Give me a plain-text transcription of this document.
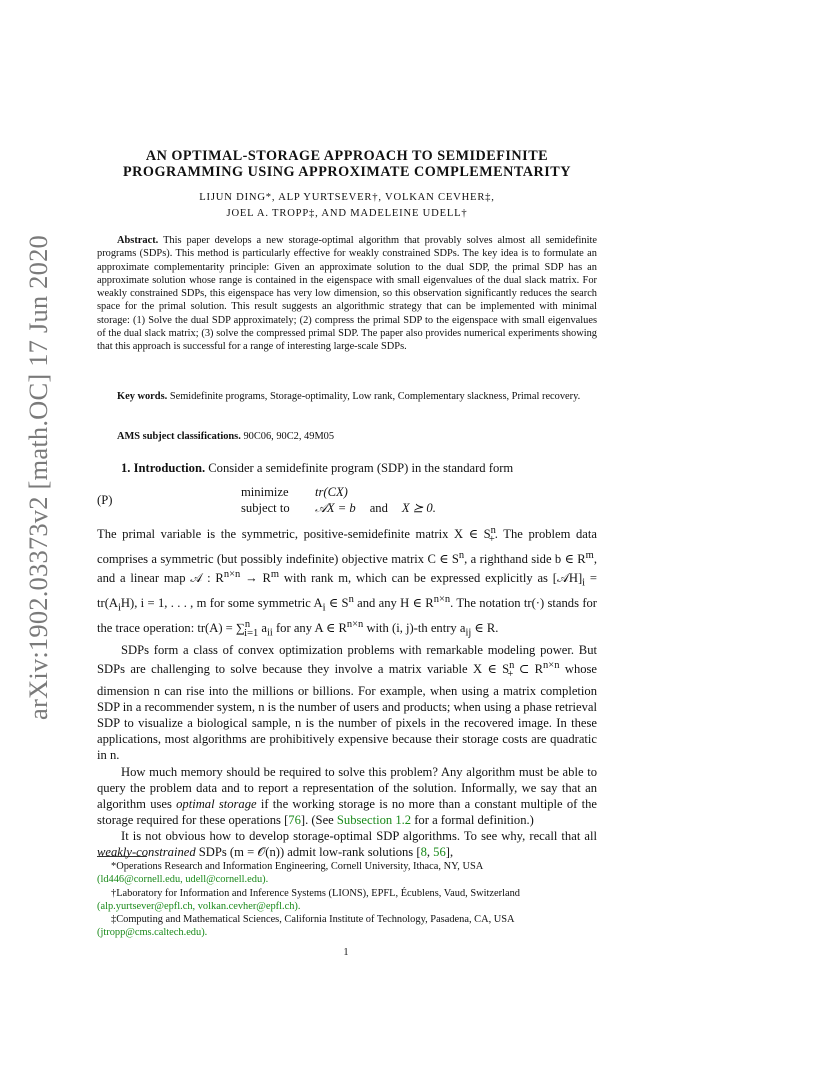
arXiv:1902.03373v2 [math.OC] 17 Jun 2020
AN OPTIMAL-STORAGE APPROACH TO SEMIDEFINITE
PROGRAMMING USING APPROXIMATE COMPLEMENTARITY
LIJUN DING*, ALP YURTSEVER†, VOLKAN CEVHER‡,
JOEL A. TROPP‡, AND MADELEINE UDELL†

Abstract. This paper develops a new storage-optimal algorithm that provably solves almost all semidefinite programs (SDPs). This method is particularly effective for weakly constrained SDPs. The key idea is to formulate an approximate complementarity principle: Given an approximate solution to the dual SDP, the primal SDP has an approximate solution whose range is contained in the eigenspace with small eigenvalues of the dual slack matrix. For weakly constrained SDPs, this eigenspace has very low dimension, so this observation significantly reduces the search space for the primal solution. This result suggests an algorithmic strategy that can be implemented with minimal storage: (1) Solve the dual SDP approximately; (2) compress the primal SDP to the eigenspace with small eigenvalues of the dual slack matrix; (3) solve the compressed primal SDP. The paper also provides numerical experiments showing that this approach is successful for a range of interesting large-scale SDPs.

Key words. Semidefinite programs, Storage-optimality, Low rank, Complementary slackness, Primal recovery.

AMS subject classifications. 90C06, 90C2, 49M05

1. Introduction. Consider a semidefinite program (SDP) in the standard form

(P)
minimize	tr(CX)
subject to	𝒜X = b and X ⪰ 0.

The primal variable is the symmetric, positive-semidefinite matrix X ∈ $S^n_+$. The problem data comprises a symmetric (but possibly indefinite) objective matrix C ∈ $S^n$, a righthand side b ∈ $R^m$, and a linear map 𝒜 : $R^{n\times n} \to R^m$ with rank m, which can be expressed explicitly as $[𝒜H]_i = tr(A_iH)$, i = 1, . . . , m for some symmetric $A_i$ ∈ $S^n$ and any H ∈ $R^{n\times n}$. The notation tr(·) stands for the trace operation: tr(A) = ∑$^n_{i=1}$ $a_{ii}$ for any A ∈ $R^{n\times n}$ with (i, j)-th entry $a_{ij}$ ∈ R.

SDPs form a class of convex optimization problems with remarkable modeling power. But SDPs are challenging to solve because they involve a matrix variable X ∈ $S^n_+$ ⊂ $R^{n\times n}$ whose dimension n can rise into the millions or billions. For example, when using a matrix completion SDP in a recommender system, n is the number of users and products; when using a phase retrieval SDP to visualize a biological sample, n is the number of pixels in the recovered image. In these applications, most algorithms are prohibitively expensive because their storage costs are quadratic in n.

How much memory should be required to solve this problem? Any algorithm must be able to query the problem data and to report a representation of the solution. Informally, we say that an algorithm uses optimal storage if the working storage is no more than a constant multiple of the storage required for these operations [76]. (See Subsection 1.2 for a formal definition.)

It is not obvious how to develop storage-optimal SDP algorithms. To see why, recall that all weakly-constrained SDPs (m = 𝒪(n)) admit low-rank solutions [8, 56],

*Operations Research and Information Engineering, Cornell University, Ithaca, NY, USA
(ld446@cornell.edu, udell@cornell.edu).

†Laboratory for Information and Inference Systems (LIONS), EPFL, Écublens, Vaud, Switzerland
(alp.yurtsever@epfl.ch, volkan.cevher@epfl.ch).

‡Computing and Mathematical Sciences, California Institute of Technology, Pasadena, CA, USA
(jtropp@cms.caltech.edu).

1
